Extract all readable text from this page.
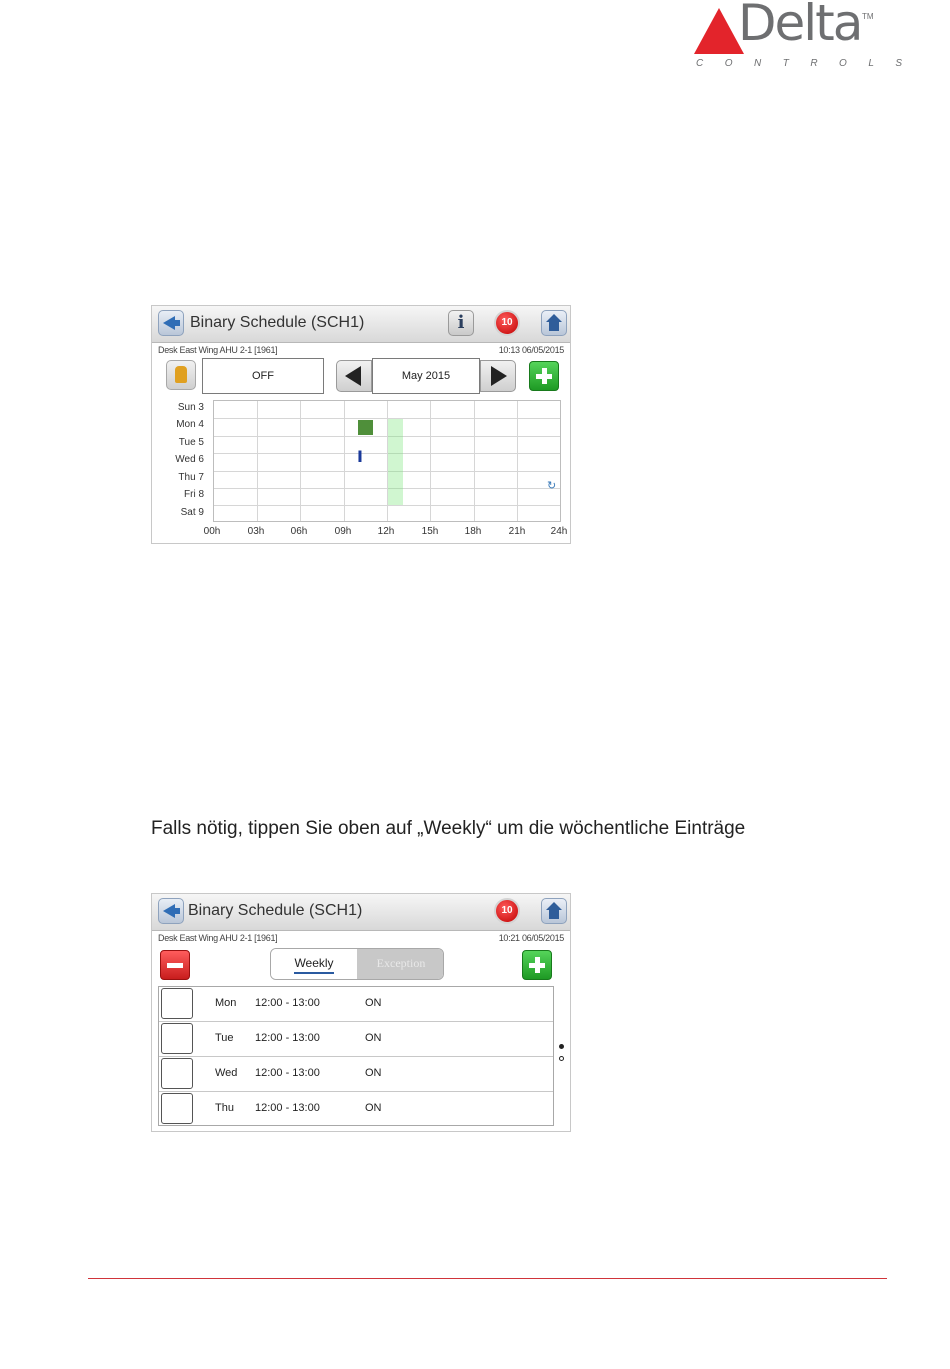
Delta TM
CONTROLS
Binary Schedule (SCH1)	i	10
Desk East Wing AHU 2-1 [1961]	10:13 06/05/2015
OFF	May 2015
Sun 3
Mon 4
Tue 5
Wed 6
Thu 7
Fri 8
Sat 9
I
↻
00h	03h	06h	09h	12h	15h	18h	21h	24h
Falls nötig, tippen Sie oben auf „Weekly“ um die wöchentliche Einträge
Binary Schedule (SCH1)	10
Desk East Wing AHU 2-1 [1961]	10:21 06/05/2015
Weekly	Exception
Mon 12:00 - 13:00	ON
Tue 12:00 - 13:00	ON
Wed 12:00 - 13:00	ON
Thu 12:00 - 13:00	ON
